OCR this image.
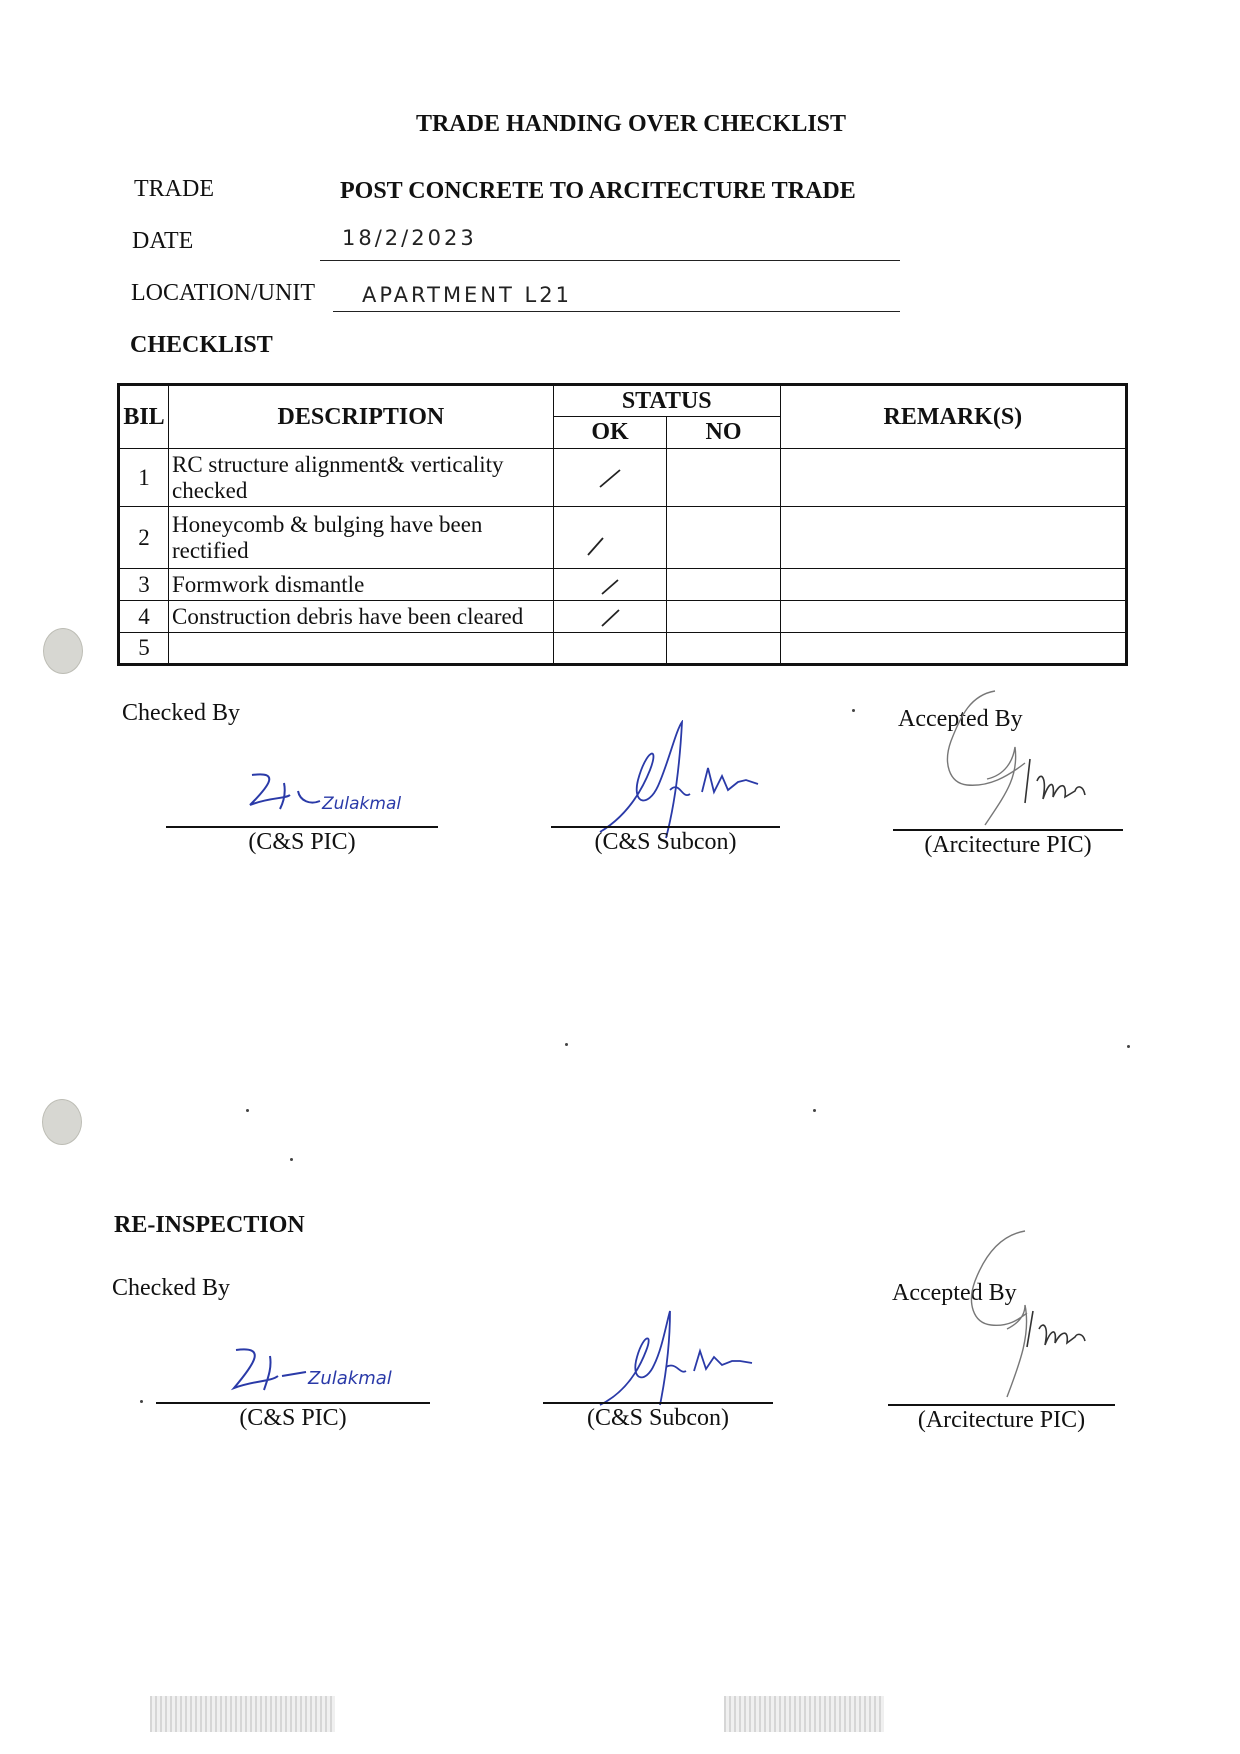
TRADE HANDING OVER CHECKLIST
TRADE	POST CONCRETE TO ARCITECTURE TRADE
DATE	18/2/2023
LOCATION/UNIT APARTMENT L21
CHECKLIST
BIL	DESCRIPTION	STATUS		REMARK(S)
		OK	NO	
1	RC structure alignment& verticality checked	

2	Honeycomb & bulging have been rectified	

3	Formwork dismantle	

4	Construction debris have been cleared	

5				
Checked By	Accepted By
Zulakmal
(C&S PIC)	(C&S Subcon)	(Arcitecture PIC)
RE-INSPECTION
Checked By	Accepted By
Zulakmal
(C&S PIC)	(C&S Subcon)	(Arcitecture PIC)
